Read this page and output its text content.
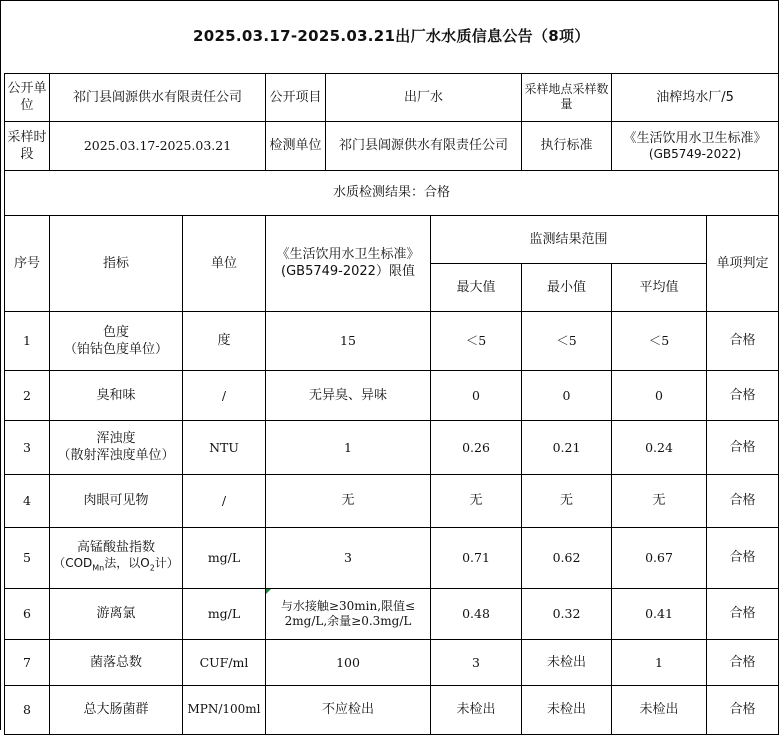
2025.03.17-2025.03.21出厂水水质信息公告（8项）								
公开单位	祁门县阊源供水有限责任公司		公开项目	出厂水		采样地点采样数量	油榨坞水厂/5	
采样时段	2025.03.17-2025.03.21		检测单位	祁门县阊源供水有限责任公司		执行标准	《生活饮用水卫生标准》
(GB5749-2022)	

水质检测结果：合格								
序号	指标	单位	《生活饮用水卫生标准》
(GB5749-2022）限值		监测结果范围			单项判定
					最大值	最小值	平均值	
1	色度
（铂钴色度单位）	度	15		＜5	＜5	＜5	合格
2	臭和味	/	无异臭、异味		0	0	0	合格
3	浑浊度
（散射浑浊度单位）	NTU	1		0.26	0.21	0.24	合格
4	肉眼可见物	/	无		无	无	无	合格
5	高锰酸盐指数
（$COD_{Mn}$法，以$O_2$计）	mg/L	3		0.71	0.62	0.67	合格
6	游离氯	mg/L	与水接触≥30min,限值≤
2mg/L,余量≥0.3mg/L		0.48	0.32	0.41	合格
7	菌落总数	CUF/ml	100		3	未检出	1	合格
8	总大肠菌群	MPN/100ml	不应检出		未检出	未检出	未检出	合格
